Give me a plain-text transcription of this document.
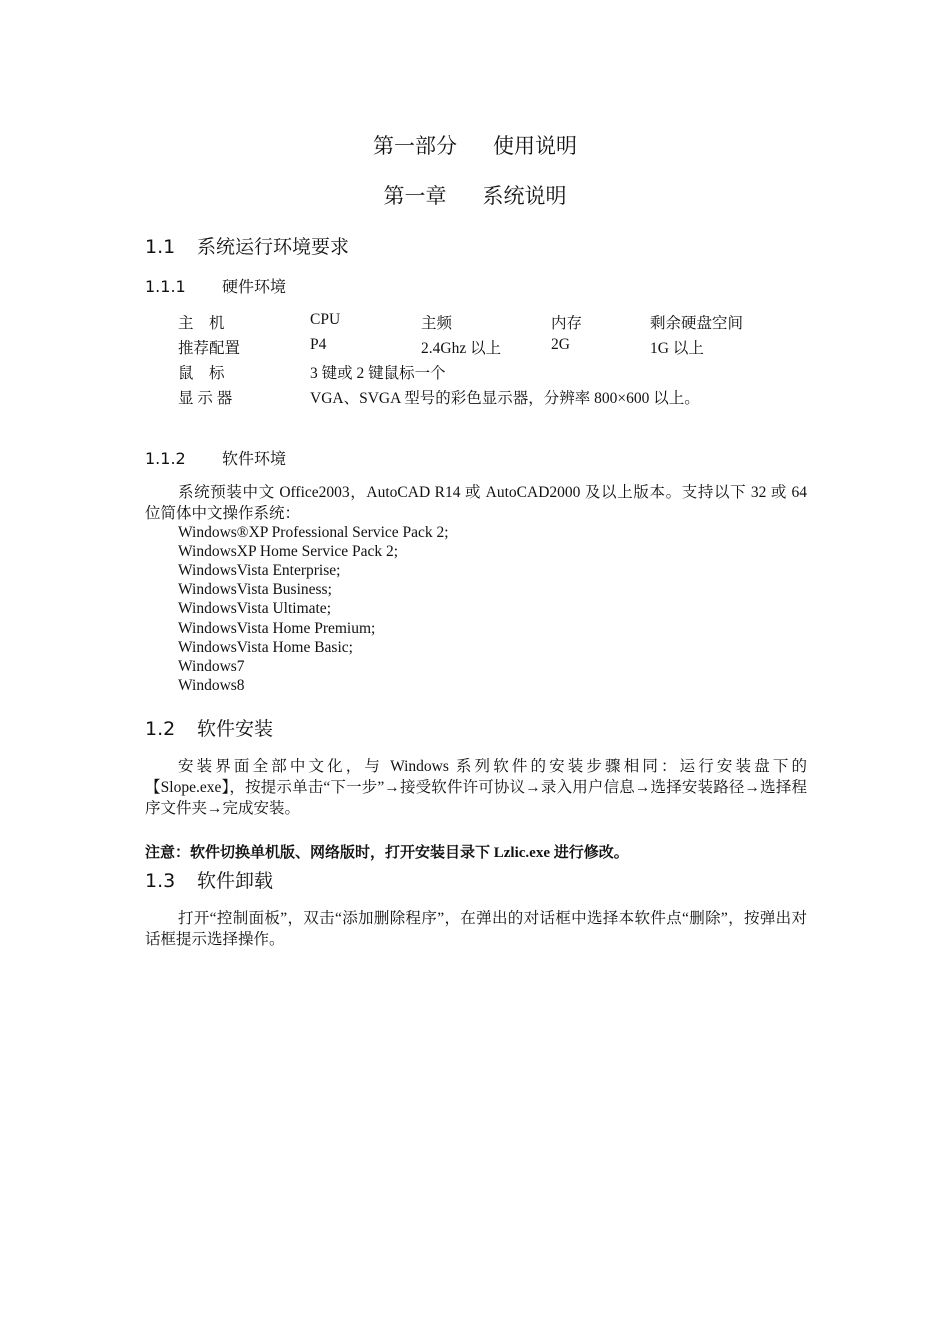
第一部分 使用说明
第一章 系统说明
1.1 系统运行环境要求
1.1.1 硬件环境
主　机	CPU	主频	内存	剩余硬盘空间
推荐配置	P4	2.4Ghz 以上	2G	1G 以上
鼠　标	3 键或 2 键鼠标一个
显 示 器	VGA、SVGA 型号的彩色显示器，分辨率 800×600 以上。
1.1.2 软件环境
系统预装中文 Office2003，AutoCAD R14 或 AutoCAD2000 及以上版本。支持以下 32 或 64 位简体中文操作系统：
Windows®XP Professional Service Pack 2;
WindowsXP Home Service Pack 2;
WindowsVista Enterprise;
WindowsVista Business;
WindowsVista Ultimate;
WindowsVista Home Premium;
WindowsVista Home Basic;
Windows7
Windows8
1.2 软件安装
安装界面全部中文化，与 Windows 系列软件的安装步骤相同：运行安装盘下的【Slope.exe】，按提示单击“下一步”→接受软件许可协议→录入用户信息→选择安装路径→选择程序文件夹→完成安装。
注意：软件切换单机版、网络版时，打开安装目录下 Lzlic.exe 进行修改。
1.3 软件卸载
打开“控制面板”，双击“添加删除程序”，在弹出的对话框中选择本软件点“删除”，按弹出对话框提示选择操作。
